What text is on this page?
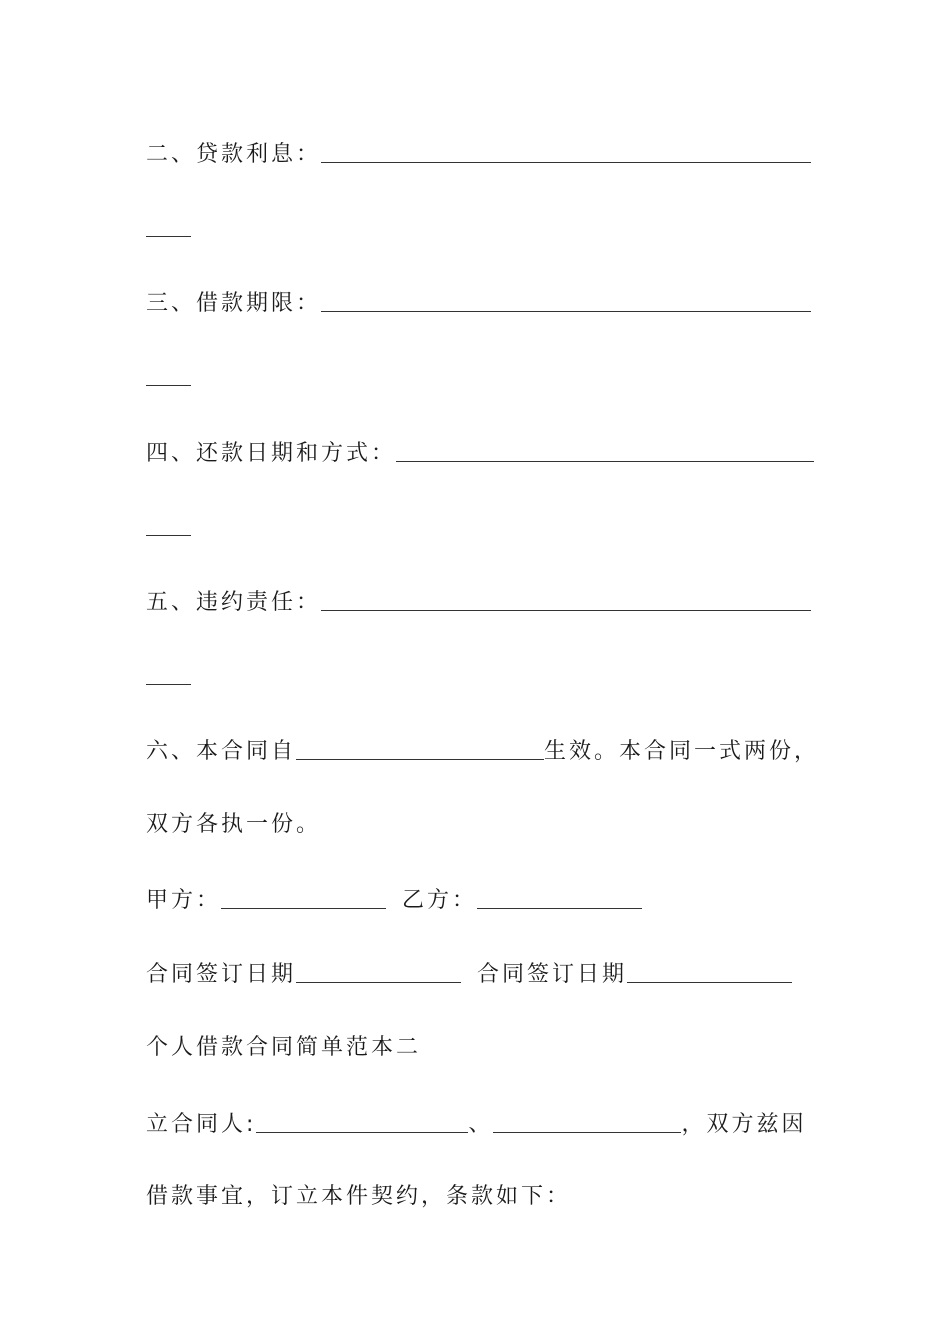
二、贷款利息：
三、借款期限：
四、还款日期和方式：
五、违约责任：
六、本合同自	生效。本合同一式两份，
双方各执一份。
甲方：	乙方：
合同签订日期	合同签订日期
个人借款合同简单范本二
立合同人:	、	，双方兹因
借款事宜，订立本件契约，条款如下：
